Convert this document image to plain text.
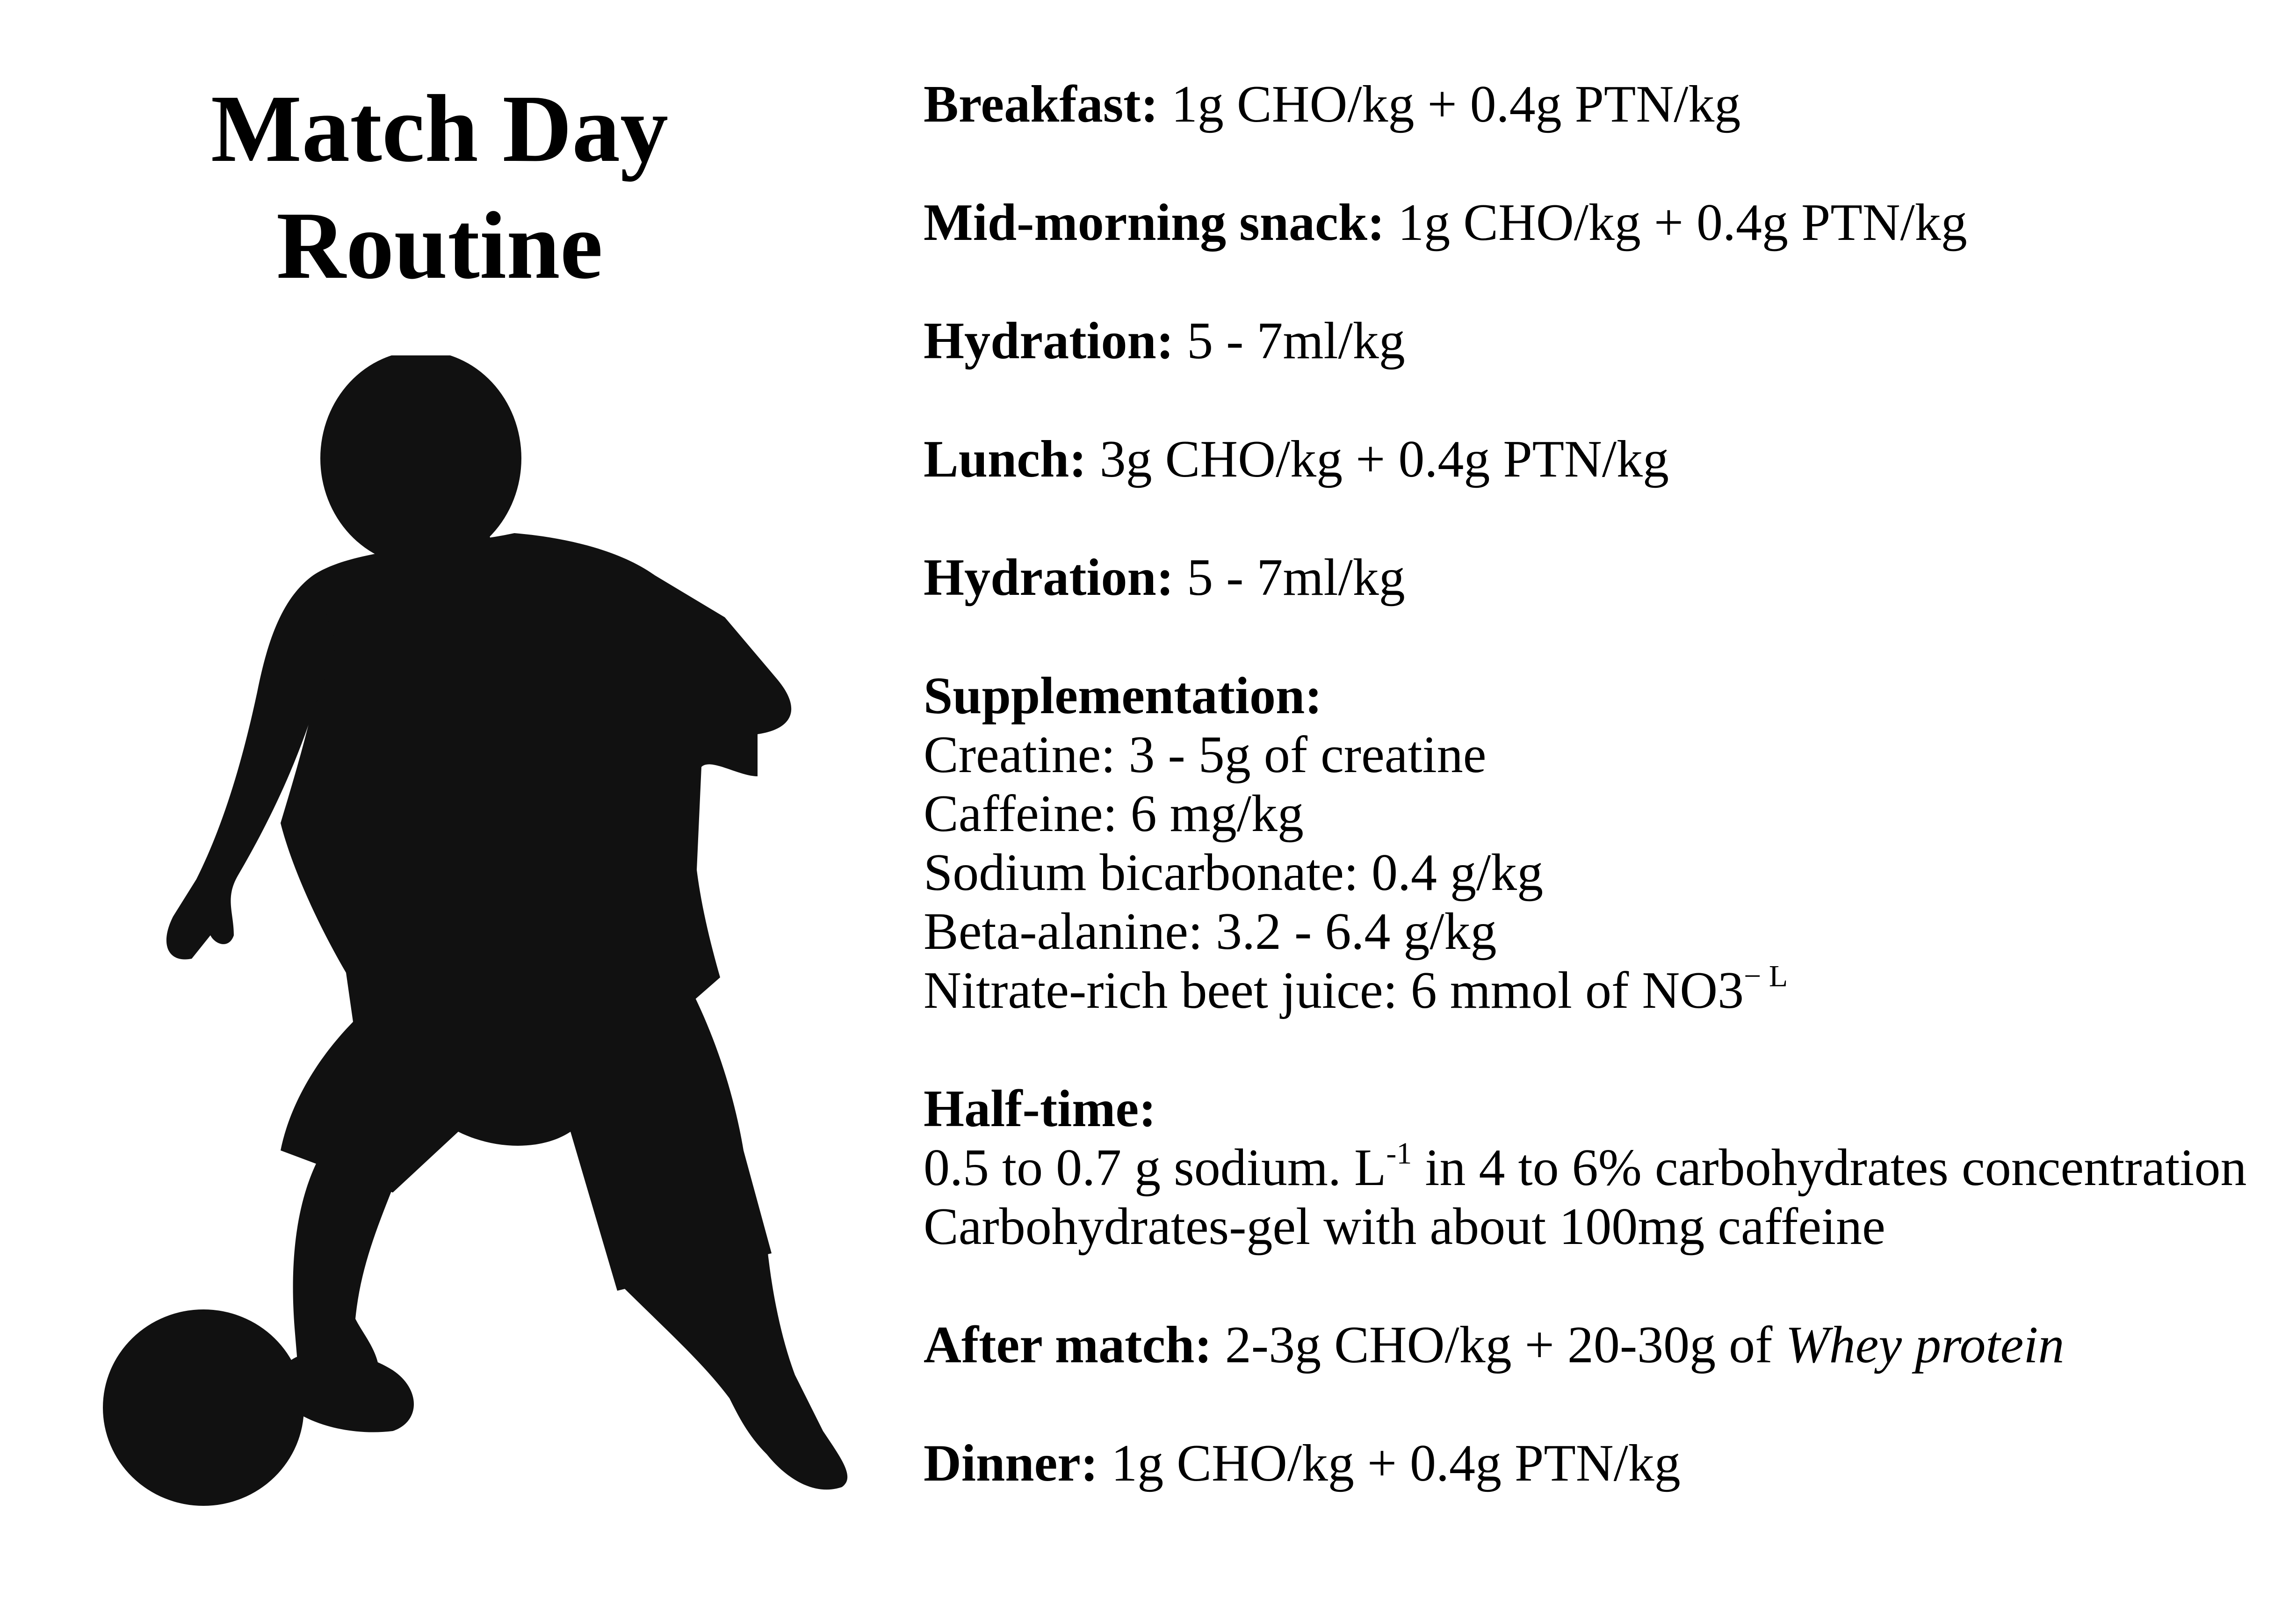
Match Day
Routine
Breakfast: 1g CHO/kg + 0.4g PTN/kg
Mid-morning snack: 1g CHO/kg + 0.4g PTN/kg
Hydration: 5 - 7ml/kg
Lunch: 3g CHO/kg + 0.4g PTN/kg
Hydration: 5 - 7ml/kg
Supplementation:
Creatine: 3 - 5g of creatine
Caffeine: 6 mg/kg
Sodium bicarbonate: 0.4 g/kg
Beta-alanine: 3.2 - 6.4 g/kg
Nitrate-rich beet juice: 6 mmol of $NO3^{- L}$
Half-time:
0.5 to 0.7 g sodium. $L^{-1}$ in 4 to 6% carbohydrates concentration
Carbohydrates-gel with about 100mg caffeine
After match: 2-3g CHO/kg + 20-30g of Whey protein
Dinner: 1g CHO/kg + 0.4g PTN/kg
